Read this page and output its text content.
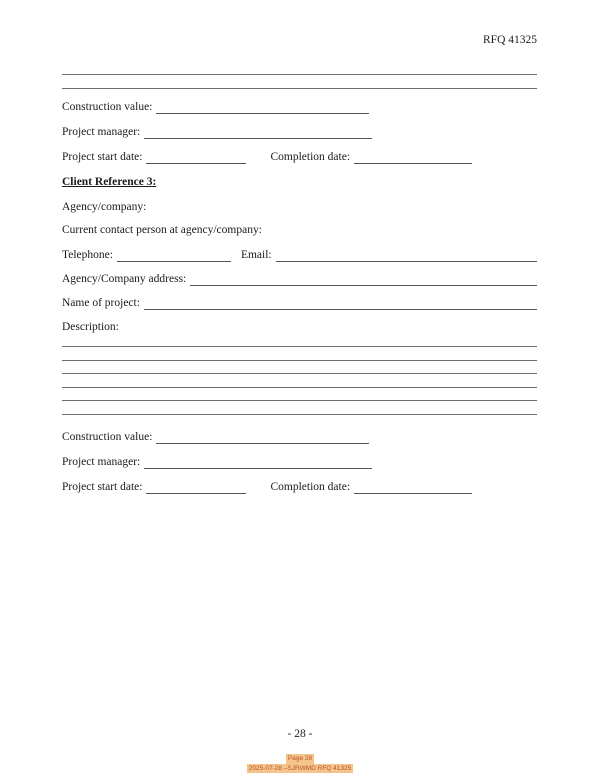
RFQ 41325
Construction value:
Project manager:
Project start date:	Completion date:
Client Reference 3:
Agency/company:
Current contact person at agency/company:
Telephone:	Email:
Agency/Company address:
Name of project:
Description:
Construction value:
Project manager:
Project start date:	Completion date:
- 28 -
Page 28
2025-07-28 –SJRWMD RFQ 41325
